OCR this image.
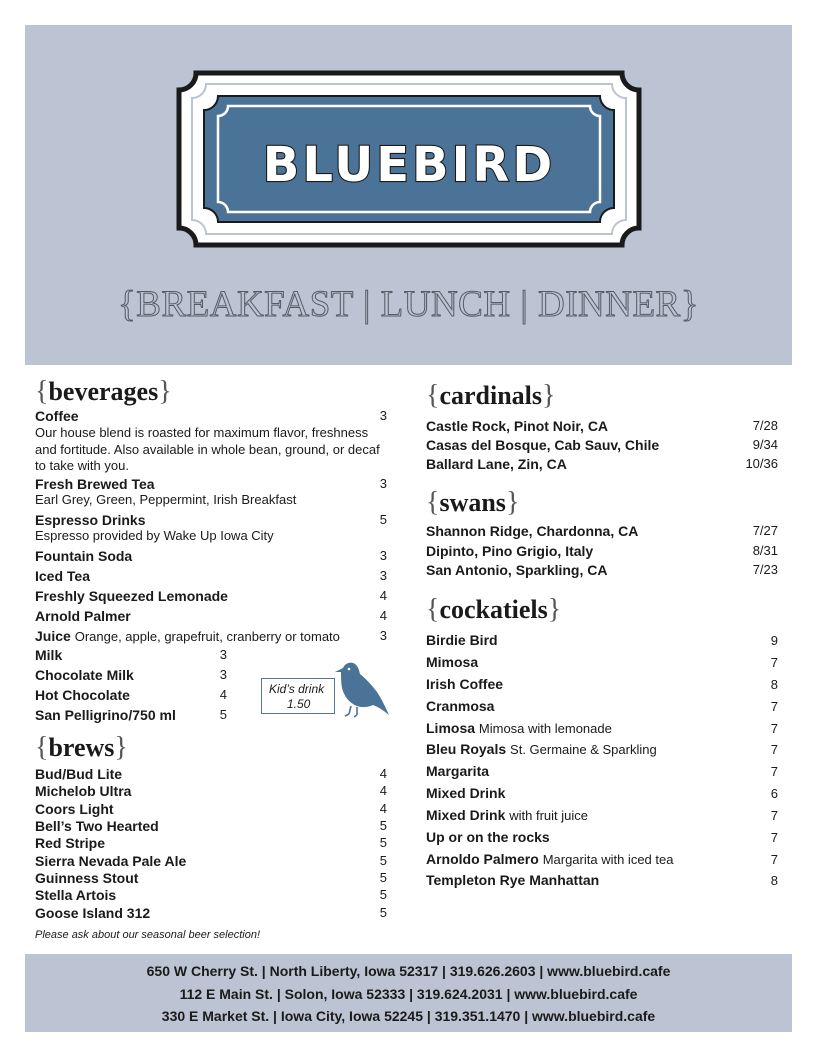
BLUEBIRD
{BREAKFAST | LUNCH | DINNER}
{beverages}
Coffee	3
Our house blend is roasted for maximum flavor, freshness and fortitude. Also available in whole bean, ground, or decaf to take with you.
Fresh Brewed Tea	3
Earl Grey, Green, Peppermint, Irish Breakfast
Espresso Drinks	5
Espresso provided by Wake Up Iowa City
Fountain Soda	3
Iced Tea	3
Freshly Squeezed Lemonade	4
Arnold Palmer	4
Juice Orange, apple, grapefruit, cranberry or tomato	3
Milk	3
Chocolate Milk	3
Hot Chocolate	4
San Pelligrino/750 ml	5
Kid’s drink
1.50
{brews}
Bud/Bud Lite	4
Michelob Ultra	4
Coors Light	4
Bell’s Two Hearted	5
Red Stripe	5
Sierra Nevada Pale Ale	5
Guinness Stout	5
Stella Artois	5
Goose Island 312	5
Please ask about our seasonal beer selection!
{cardinals}
Castle Rock, Pinot Noir, CA	7/28
Casas del Bosque, Cab Sauv, Chile	9/34
Ballard Lane, Zin, CA	10/36
{swans}
Shannon Ridge, Chardonna, CA	7/27
Dipinto, Pino Grigio, Italy	8/31
San Antonio, Sparkling, CA	7/23
{cockatiels}
Birdie Bird	9
Mimosa	7
Irish Coffee	8
Cranmosa	7
Limosa Mimosa with lemonade	7
Bleu Royals St. Germaine & Sparkling	7
Margarita	7
Mixed Drink	6
Mixed Drink with fruit juice	7
Up or on the rocks	7
Arnoldo Palmero Margarita with iced tea	7
Templeton Rye Manhattan	8
650 W Cherry St. | North Liberty, Iowa 52317 | 319.626.2603 | www.bluebird.cafe
112 E Main St. | Solon, Iowa 52333 | 319.624.2031 | www.bluebird.cafe
330 E Market St. | Iowa City, Iowa 52245 | 319.351.1470 | www.bluebird.cafe
